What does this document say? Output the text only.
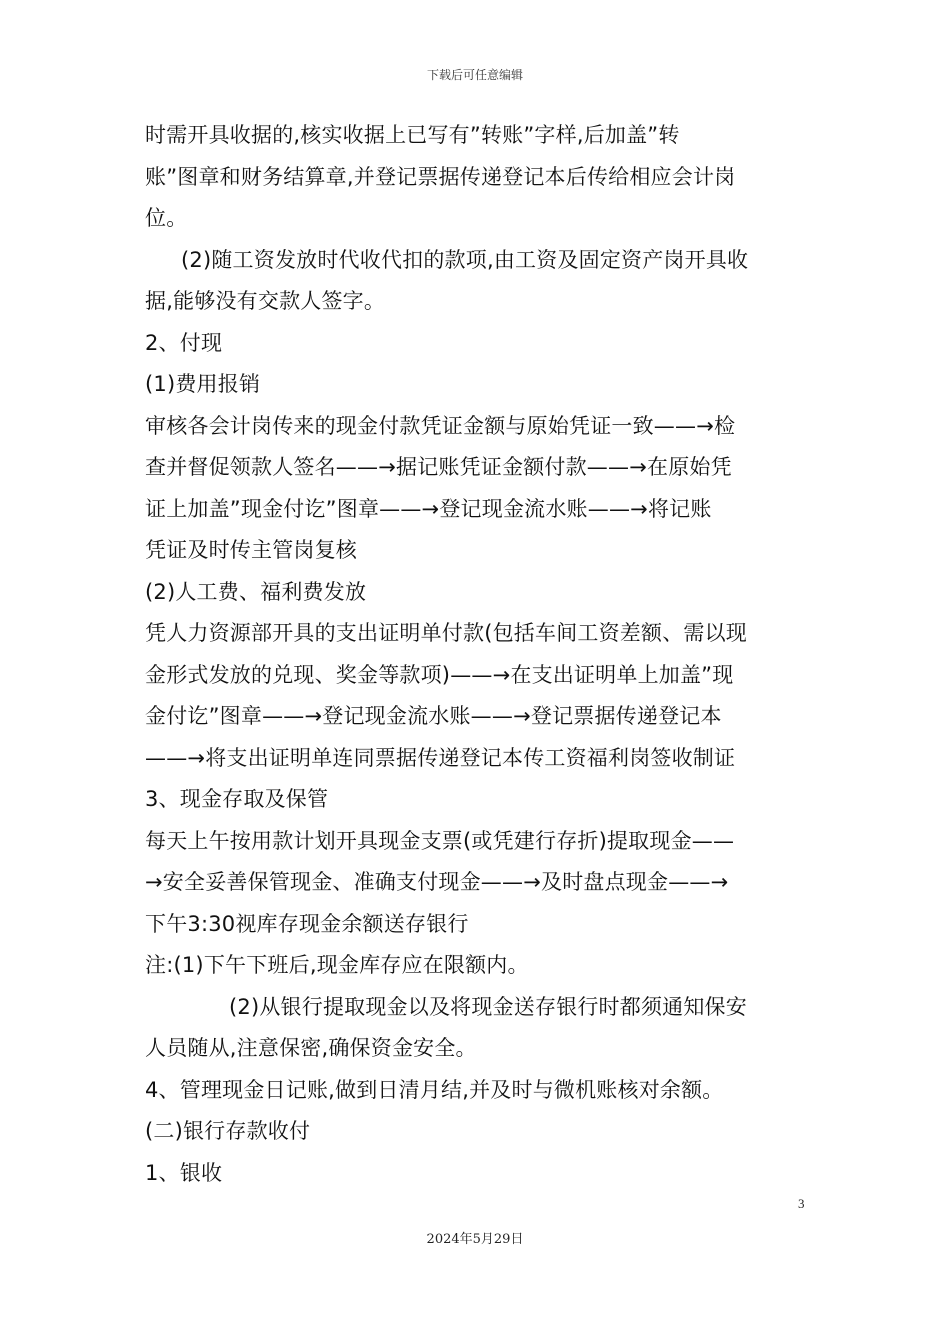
下载后可任意编辑
时需开具收据的,核实收据上已写有”转账”字样,后加盖”转
账”图章和财务结算章,并登记票据传递登记本后传给相应会计岗
位。
(2)随工资发放时代收代扣的款项,由工资及固定资产岗开具收
据,能够没有交款人签字。
2、付现
(1)费用报销
审核各会计岗传来的现金付款凭证金额与原始凭证一致——→检
查并督促领款人签名——→据记账凭证金额付款——→在原始凭
证上加盖”现金付讫”图章——→登记现金流水账——→将记账
凭证及时传主管岗复核
(2)人工费、福利费发放
凭人力资源部开具的支出证明单付款(包括车间工资差额、需以现
金形式发放的兑现、奖金等款项)——→在支出证明单上加盖”现
金付讫”图章——→登记现金流水账——→登记票据传递登记本
——→将支出证明单连同票据传递登记本传工资福利岗签收制证
3、现金存取及保管
每天上午按用款计划开具现金支票(或凭建行存折)提取现金——
→安全妥善保管现金、准确支付现金——→及时盘点现金——→
下午3:30视库存现金余额送存银行
注:(1)下午下班后,现金库存应在限额内。
(2)从银行提取现金以及将现金送存银行时都须通知保安
人员随从,注意保密,确保资金安全。
4、管理现金日记账,做到日清月结,并及时与微机账核对余额。
(二)银行存款收付
1、银收
3
2024年5月29日
